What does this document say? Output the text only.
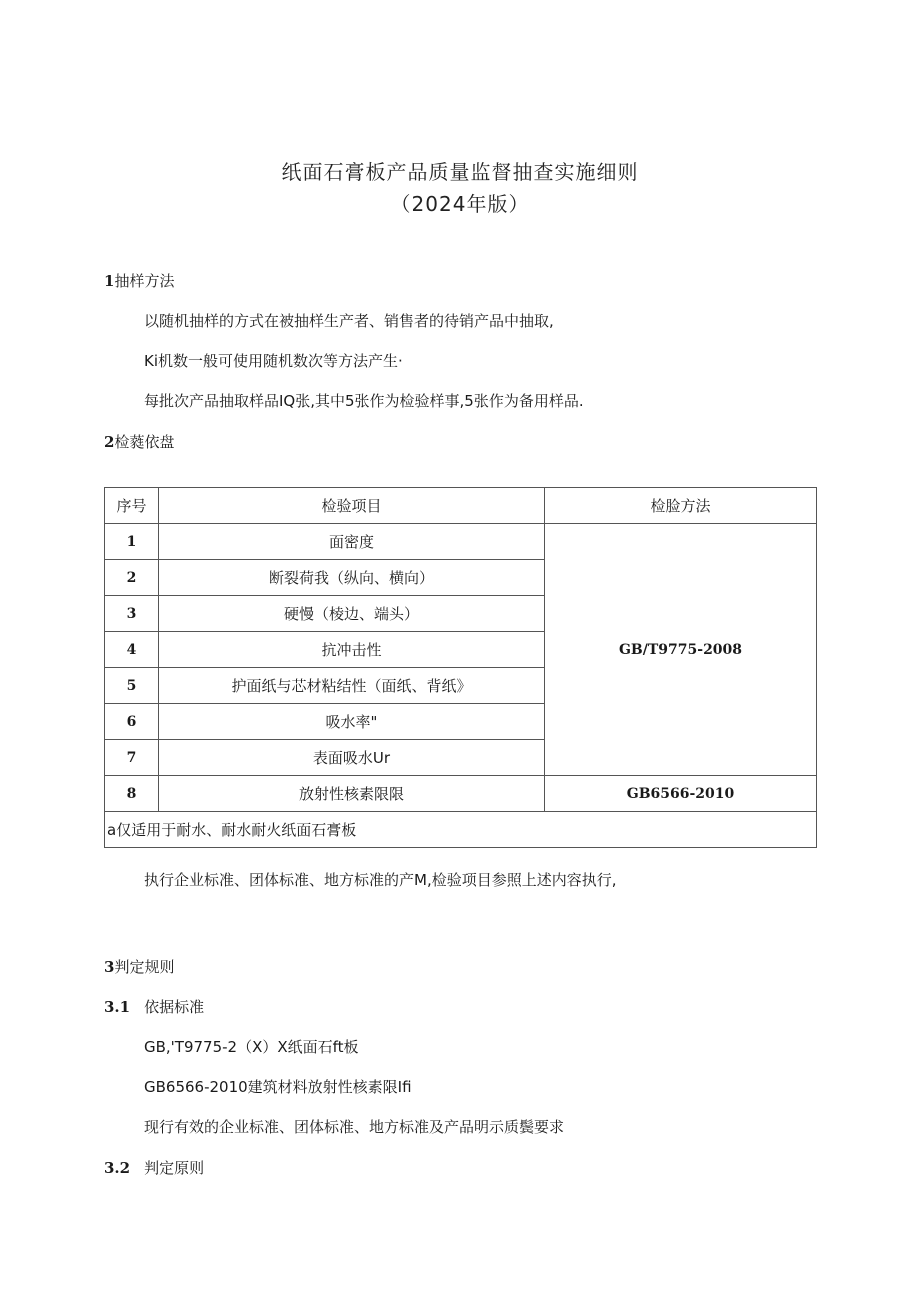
纸面石膏板产品质量监督抽查实施细则
（2024年版）
1抽样方法
以随机抽样的方式在被抽样生产者、销售者的待销产品中抽取,
Ki机数一般可使用随机数次等方法产生·
每批次产品抽取样品IQ张,其中5张作为检验样事,5张作为备用样品.
2检蕤依盘
序号	检验项目	检脸方法
1	面密度	GB/T9775-2008
2	断裂荷我（纵向、横向）	
3	硬慢（棱边、端头）	
4	抗冲击性	
5	护面纸与芯材粘结性（面纸、背纸》	
6	吸水率"	
7	表面吸水Ur	
8	放射性核素限限	GB6566-2010
a仅适用于耐水、耐水耐火纸面石膏板		
执行企业标准、团体标准、地方标准的产M,检验项目参照上述内容执行,
3判定规则
3.1 依据标准
GB,'T9775-2（X）X纸面石ft板
GB6566-2010建筑材料放射性核素限Ifi
现行有效的企业标准、团体标准、地方标准及产品明示质鬓要求
3.2 判定原则
